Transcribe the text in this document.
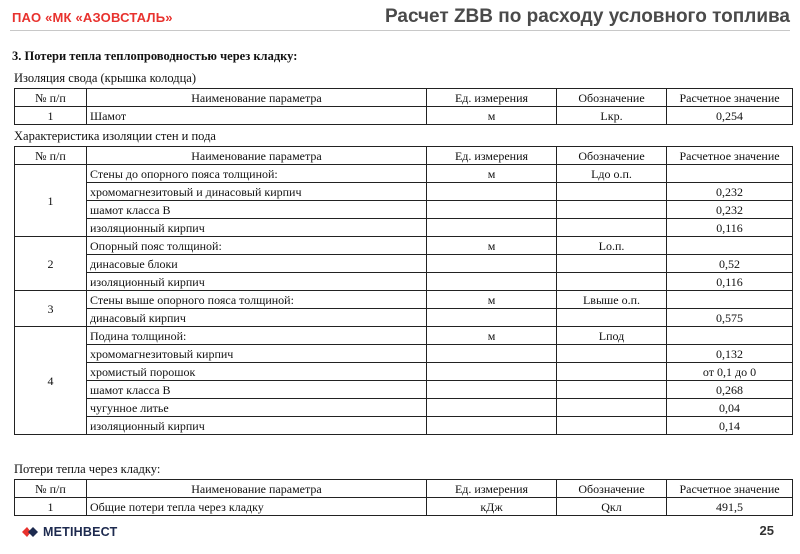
ПАО «МК «АЗОВСТАЛЬ»	Расчет ZBB по расходу условного топлива
3. Потери тепла теплопроводностью через кладку:
Изоляция свода (крышка колодца)
№ п/п	Наименование параметра	Ед. измерения	Обозначение	Расчетное значение
1	Шамот	м	Lкр.	0,254
Характеристика изоляции стен и пода
№ п/п	Наименование параметра	Ед. измерения	Обозначение	Расчетное значение
1	Стены до опорного пояса толщиной:	м	Lдо о.п.	
	хромомагнезитовый и динасовый кирпич			0,232
	шамот класса В			0,232
	изоляционный кирпич			0,116
2	Опорный пояс толщиной:	м	Lо.п.	
	динасовые блоки			0,52
	изоляционный кирпич			0,116
3	Стены выше опорного пояса толщиной:	м	Lвыше о.п.	
	динасовый кирпич			0,575
4	Подина толщиной:	м	Lпод	
	хромомагнезитовый кирпич			0,132
	хромистый порошок			от 0,1 до 0
	шамот класса В			0,268
	чугунное литье			0,04
	изоляционный кирпич			0,14
Потери тепла через кладку:
№ п/п	Наименование параметра	Ед. измерения	Обозначение	Расчетное значение
1	Общие потери тепла через кладку	кДж	Qкл	491,5
МЕТІНВЕСТ	25
